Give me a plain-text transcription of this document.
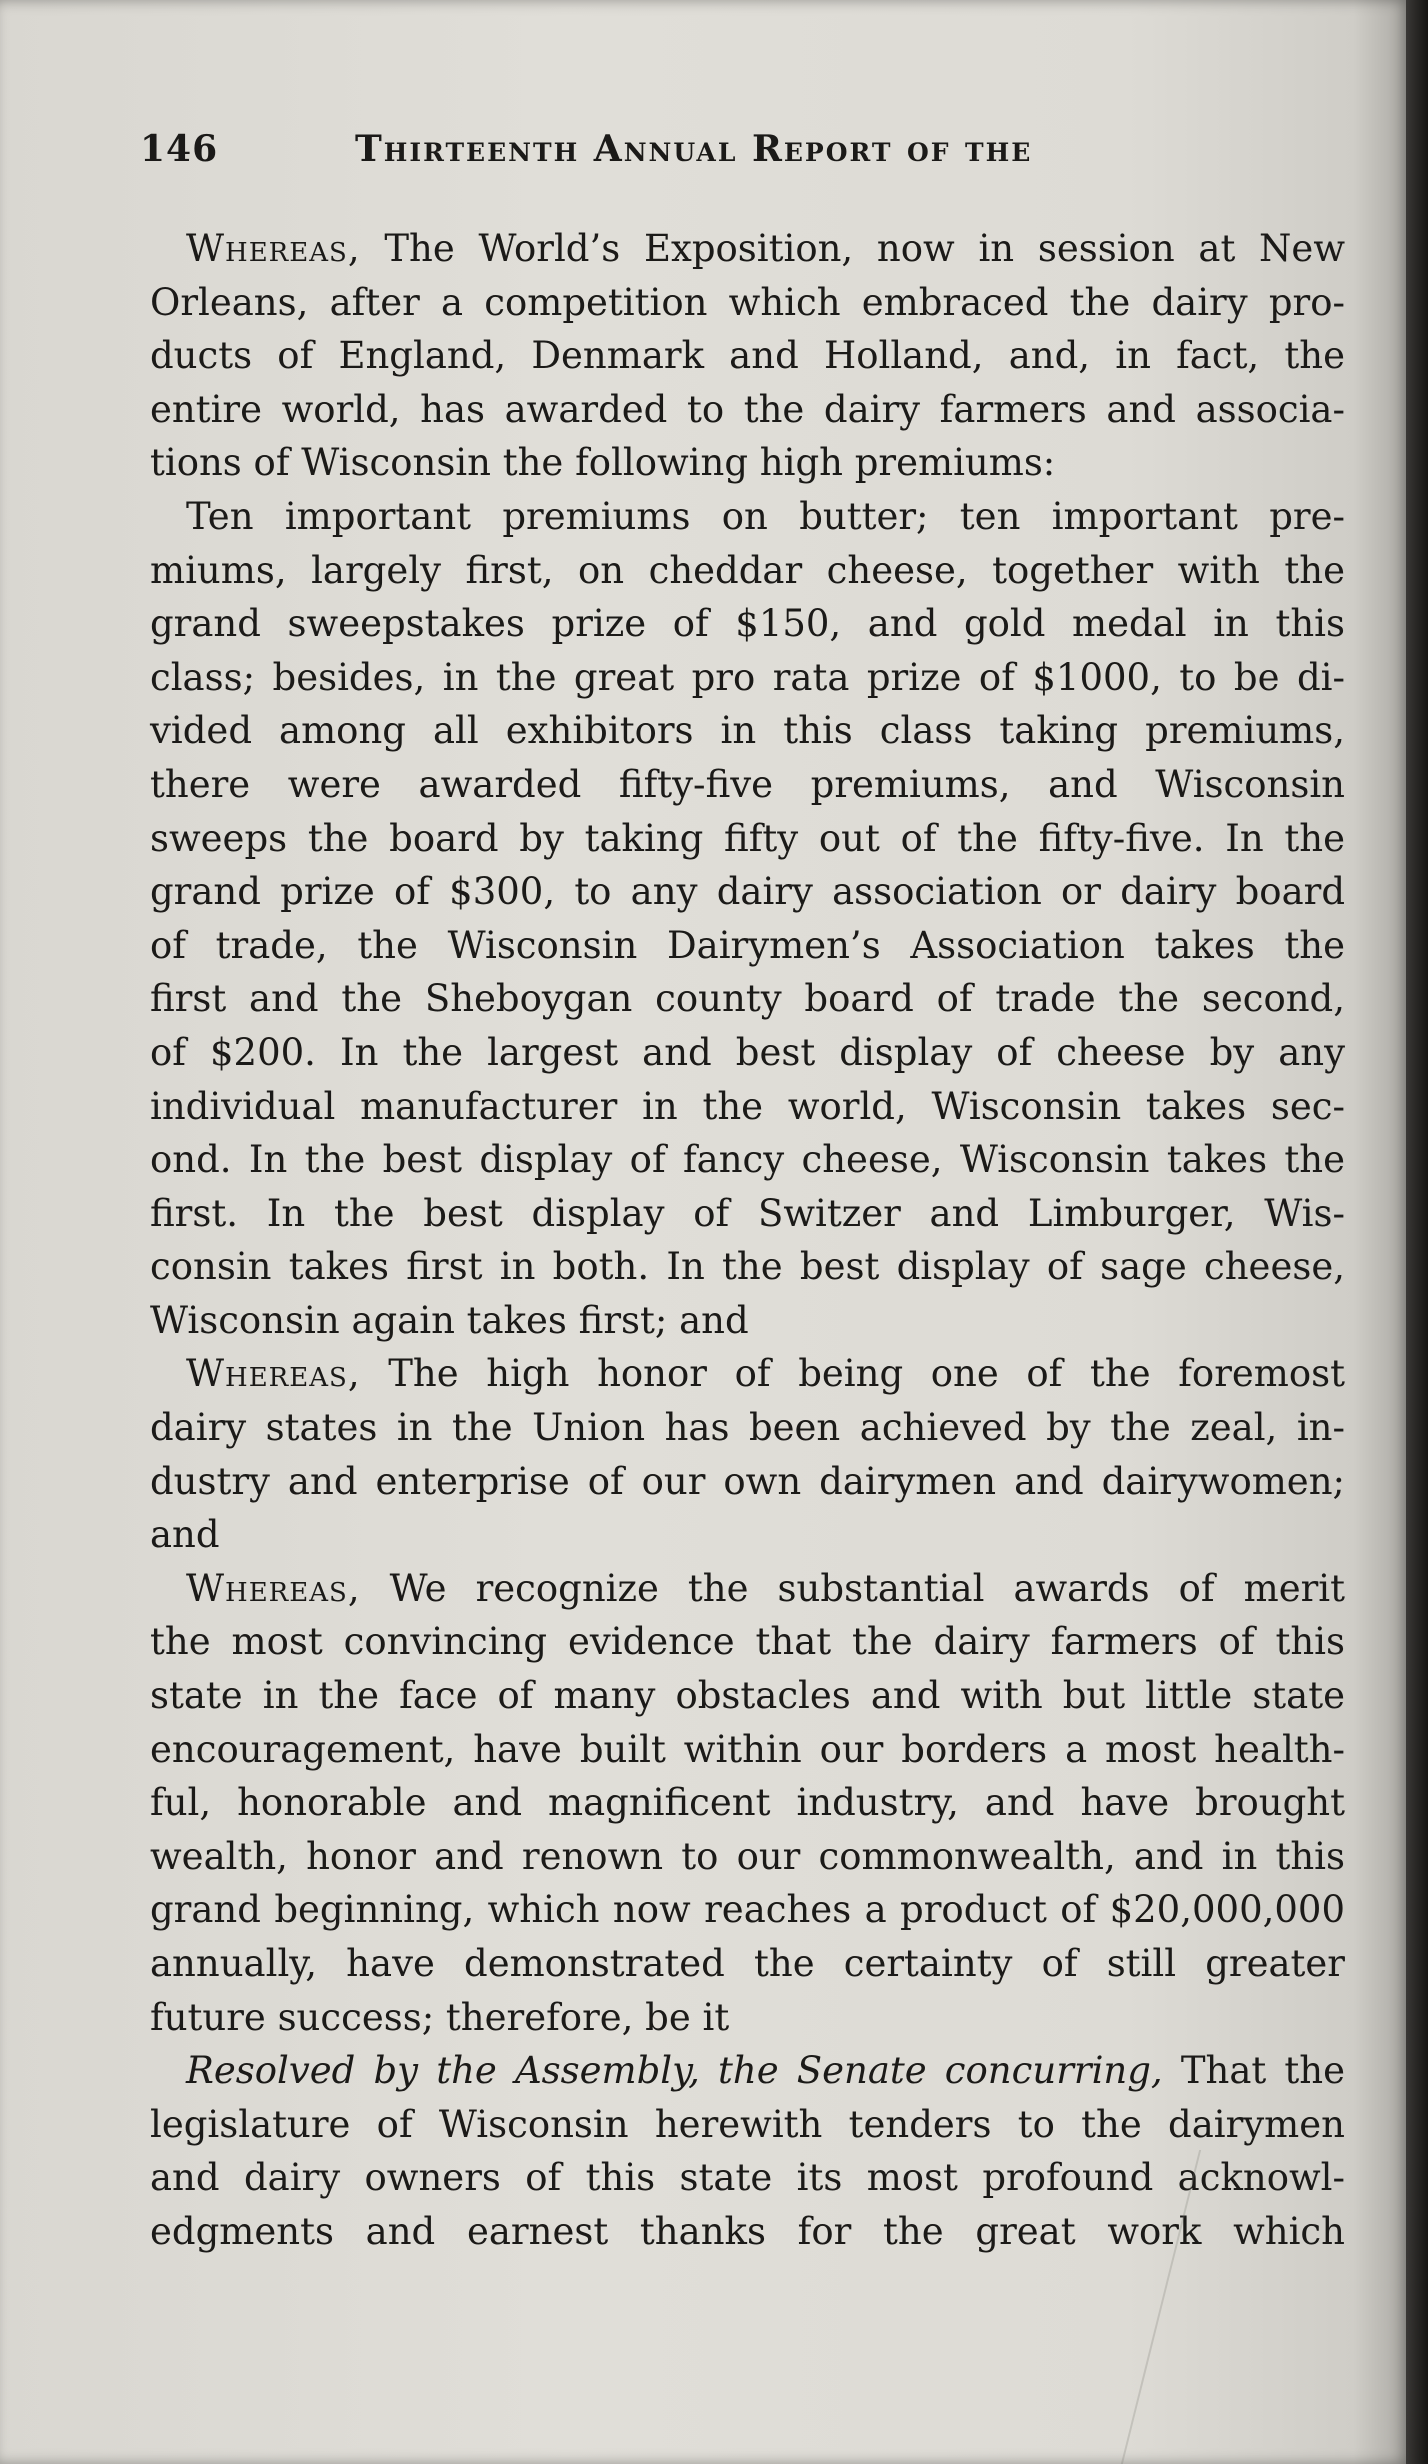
146	Thirteenth Annual Report of the
Whereas, The World’s Exposition, now in session at New
Orleans, after a competition which embraced the dairy pro-
ducts of England, Denmark and Holland, and, in fact, the
entire world, has awarded to the dairy farmers and associa-
tions of Wisconsin the following high premiums:
Ten important premiums on butter; ten important pre-
miums, largely first, on cheddar cheese, together with the
grand sweepstakes prize of $150, and gold medal in this
class; besides, in the great pro rata prize of $1000, to be di-
vided among all exhibitors in this class taking premiums,
there were awarded fifty-five premiums, and Wisconsin
sweeps the board by taking fifty out of the fifty-five. In the
grand prize of $300, to any dairy association or dairy board
of trade, the Wisconsin Dairymen’s Association takes the
first and the Sheboygan county board of trade the second,
of $200. In the largest and best display of cheese by any
individual manufacturer in the world, Wisconsin takes sec-
ond. In the best display of fancy cheese, Wisconsin takes the
first. In the best display of Switzer and Limburger, Wis-
consin takes first in both. In the best display of sage cheese,
Wisconsin again takes first; and
Whereas, The high honor of being one of the foremost
dairy states in the Union has been achieved by the zeal, in-
dustry and enterprise of our own dairymen and dairywomen;
and
Whereas, We recognize the substantial awards of merit
the most convincing evidence that the dairy farmers of this
state in the face of many obstacles and with but little state
encouragement, have built within our borders a most health-
ful, honorable and magnificent industry, and have brought
wealth, honor and renown to our commonwealth, and in this
grand beginning, which now reaches a product of $20,000,000
annually, have demonstrated the certainty of still greater
future success; therefore, be it
Resolved by the Assembly, the Senate concurring, That the
legislature of Wisconsin herewith tenders to the dairymen
and dairy owners of this state its most profound acknowl-
edgments and earnest thanks for the great work which
